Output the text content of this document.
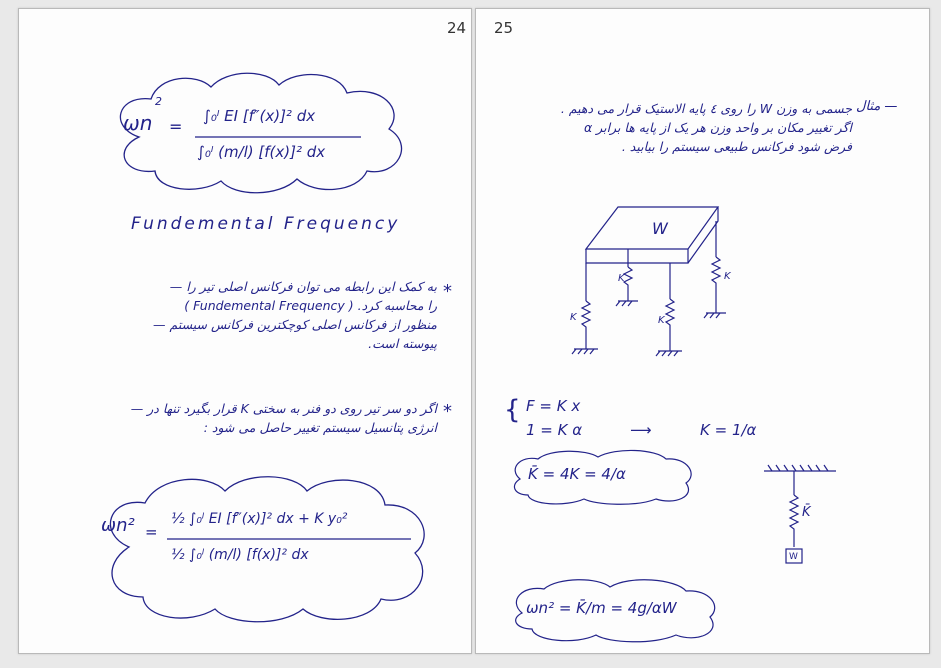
24
ωn
2
=
∫₀ˡ EI [f″(x)]² dx
∫₀ˡ (m/l) [f(x)]² dx
Fundemental Frequency
*
به کمک این رابطه می توان فرکانس اصلی تیر را —
را محاسبه کرد. ( Fundemental Frequency )
منظور از فرکانس اصلی کوچکترین فرکانس سیستم —
پیوسته است.
*
اگر دو سر تیر روی دو فنر به سختی K قرار بگیرد تنها در —
انرژی پتانسیل سیستم تغییر حاصل می شود :
ωn² =
½ ∫₀ˡ EI [f″(x)]² dx + K y₀²
½ ∫₀ˡ (m/l) [f(x)]² dx
25
مثال —
جسمی به وزن W را روی ٤ پایه الاستیک قرار می دهیم .
اگر تغییر مکان بر واحد وزن هر یک از پایه ها برابر α
فرض شود فرکانس طبیعی سیستم را بیابید .
W
K	K
K	K
{ F = K x
1 = K α	⟶	K = 1/α
K̄ = 4K = 4/α
K̄
W
ωn² = K̄/m = 4g/αW
